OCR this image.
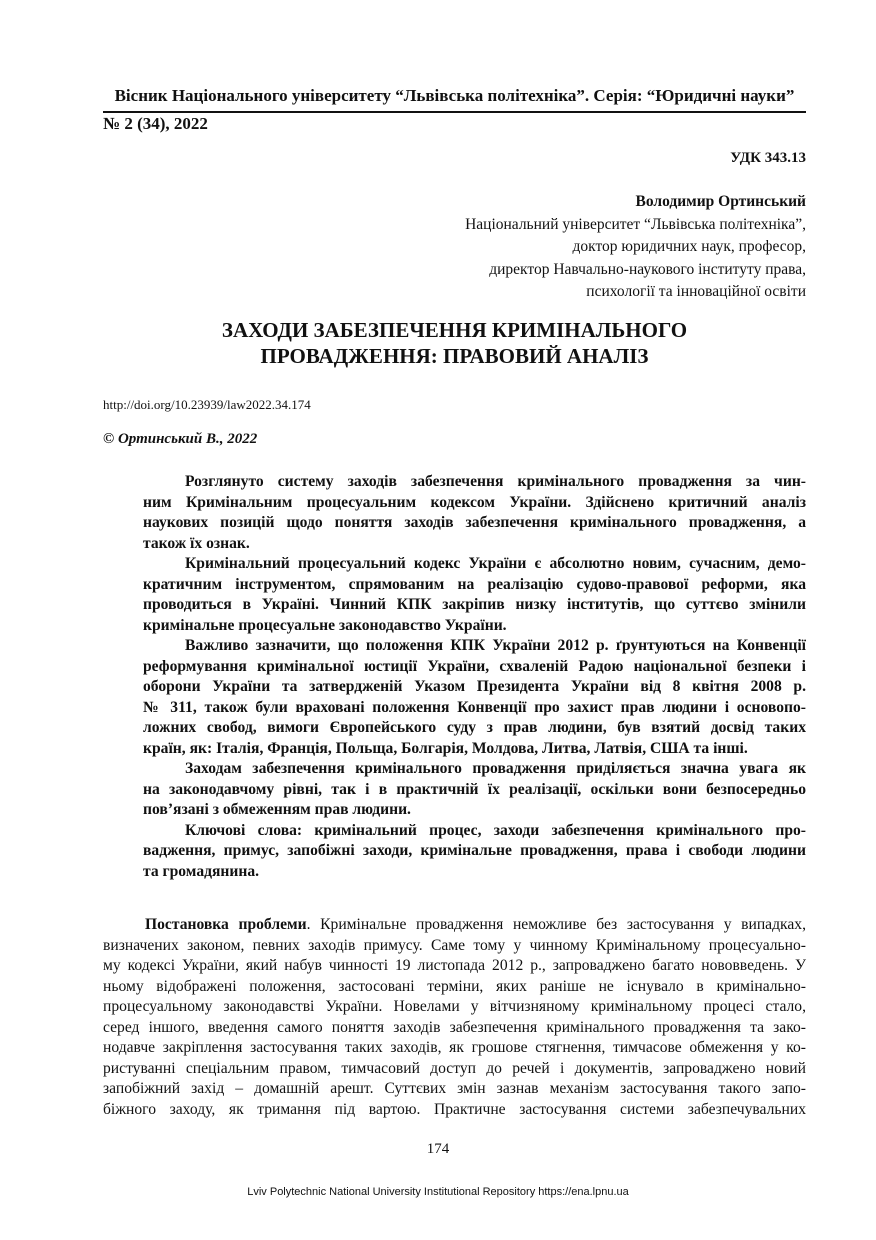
Вісник Національного університету “Львівська політехніка”. Серія: “Юридичні науки”
№ 2 (34), 2022
УДК 343.13
Володимир Ортинський
Національний університет “Львівська політехніка”,
доктор юридичних наук, професор,
директор Навчально-наукового інституту права,
психології та інноваційної освіти
ЗАХОДИ ЗАБЕЗПЕЧЕННЯ КРИМІНАЛЬНОГО
ПРОВАДЖЕННЯ: ПРАВОВИЙ АНАЛІЗ
http://doi.org/10.23939/law2022.34.174
© Ортинський В., 2022
Розглянуто систему заходів забезпечення кримінального провадження за чин-
ним Кримінальним процесуальним кодексом України. Здійснено критичний аналіз
наукових позицій щодо поняття заходів забезпечення кримінального провадження, а
також їх ознак.
Кримінальний процесуальний кодекс України є абсолютно новим, сучасним, демо-
кратичним інструментом, спрямованим на реалізацію судово-правової реформи, яка
проводиться в Україні. Чинний КПК закріпив низку інститутів, що суттєво змінили
кримінальне процесуальне законодавство України.
Важливо зазначити, що положення КПК України 2012 р. ґрунтуються на Конвенції
реформування кримінальної юстиції України, схваленій Радою національної безпеки і
оборони України та затвердженій Указом Президента України від 8 квітня 2008 р.
№ 311, також були враховані положення Конвенції про захист прав людини і основопо-
ложних свобод, вимоги Європейського суду з прав людини, був взятий досвід таких
країн, як: Італія, Франція, Польща, Болгарія, Молдова, Литва, Латвія, США та інші.
Заходам забезпечення кримінального провадження приділяється значна увага як
на законодавчому рівні, так і в практичній їх реалізації, оскільки вони безпосередньо
пов’язані з обмеженням прав людини.
Ключові слова: кримінальний процес, заходи забезпечення кримінального про-
вадження, примус, запобіжні заходи, кримінальне провадження, права і свободи людини
та громадянина.
Постановка проблеми. Кримінальне провадження неможливе без застосування у випадках,
визначених законом, певних заходів примусу. Саме тому у чинному Кримінальному процесуально-
му кодексі України, який набув чинності 19 листопада 2012 р., запроваджено багато нововведень. У
ньому відображені положення, застосовані терміни, яких раніше не існувало в кримінально-
процесуальному законодавстві України. Новелами у вітчизняному кримінальному процесі стало,
серед іншого, введення самого поняття заходів забезпечення кримінального провадження та зако-
нодавче закріплення застосування таких заходів, як грошове стягнення, тимчасове обмеження у ко-
ристуванні спеціальним правом, тимчасовий доступ до речей і документів, запроваджено новий
запобіжний захід – домашній арешт. Суттєвих змін зазнав механізм застосування такого запо-
біжного заходу, як тримання під вартою. Практичне застосування системи забезпечувальних
174
Lviv Polytechnic National University Institutional Repository https://ena.lpnu.ua
